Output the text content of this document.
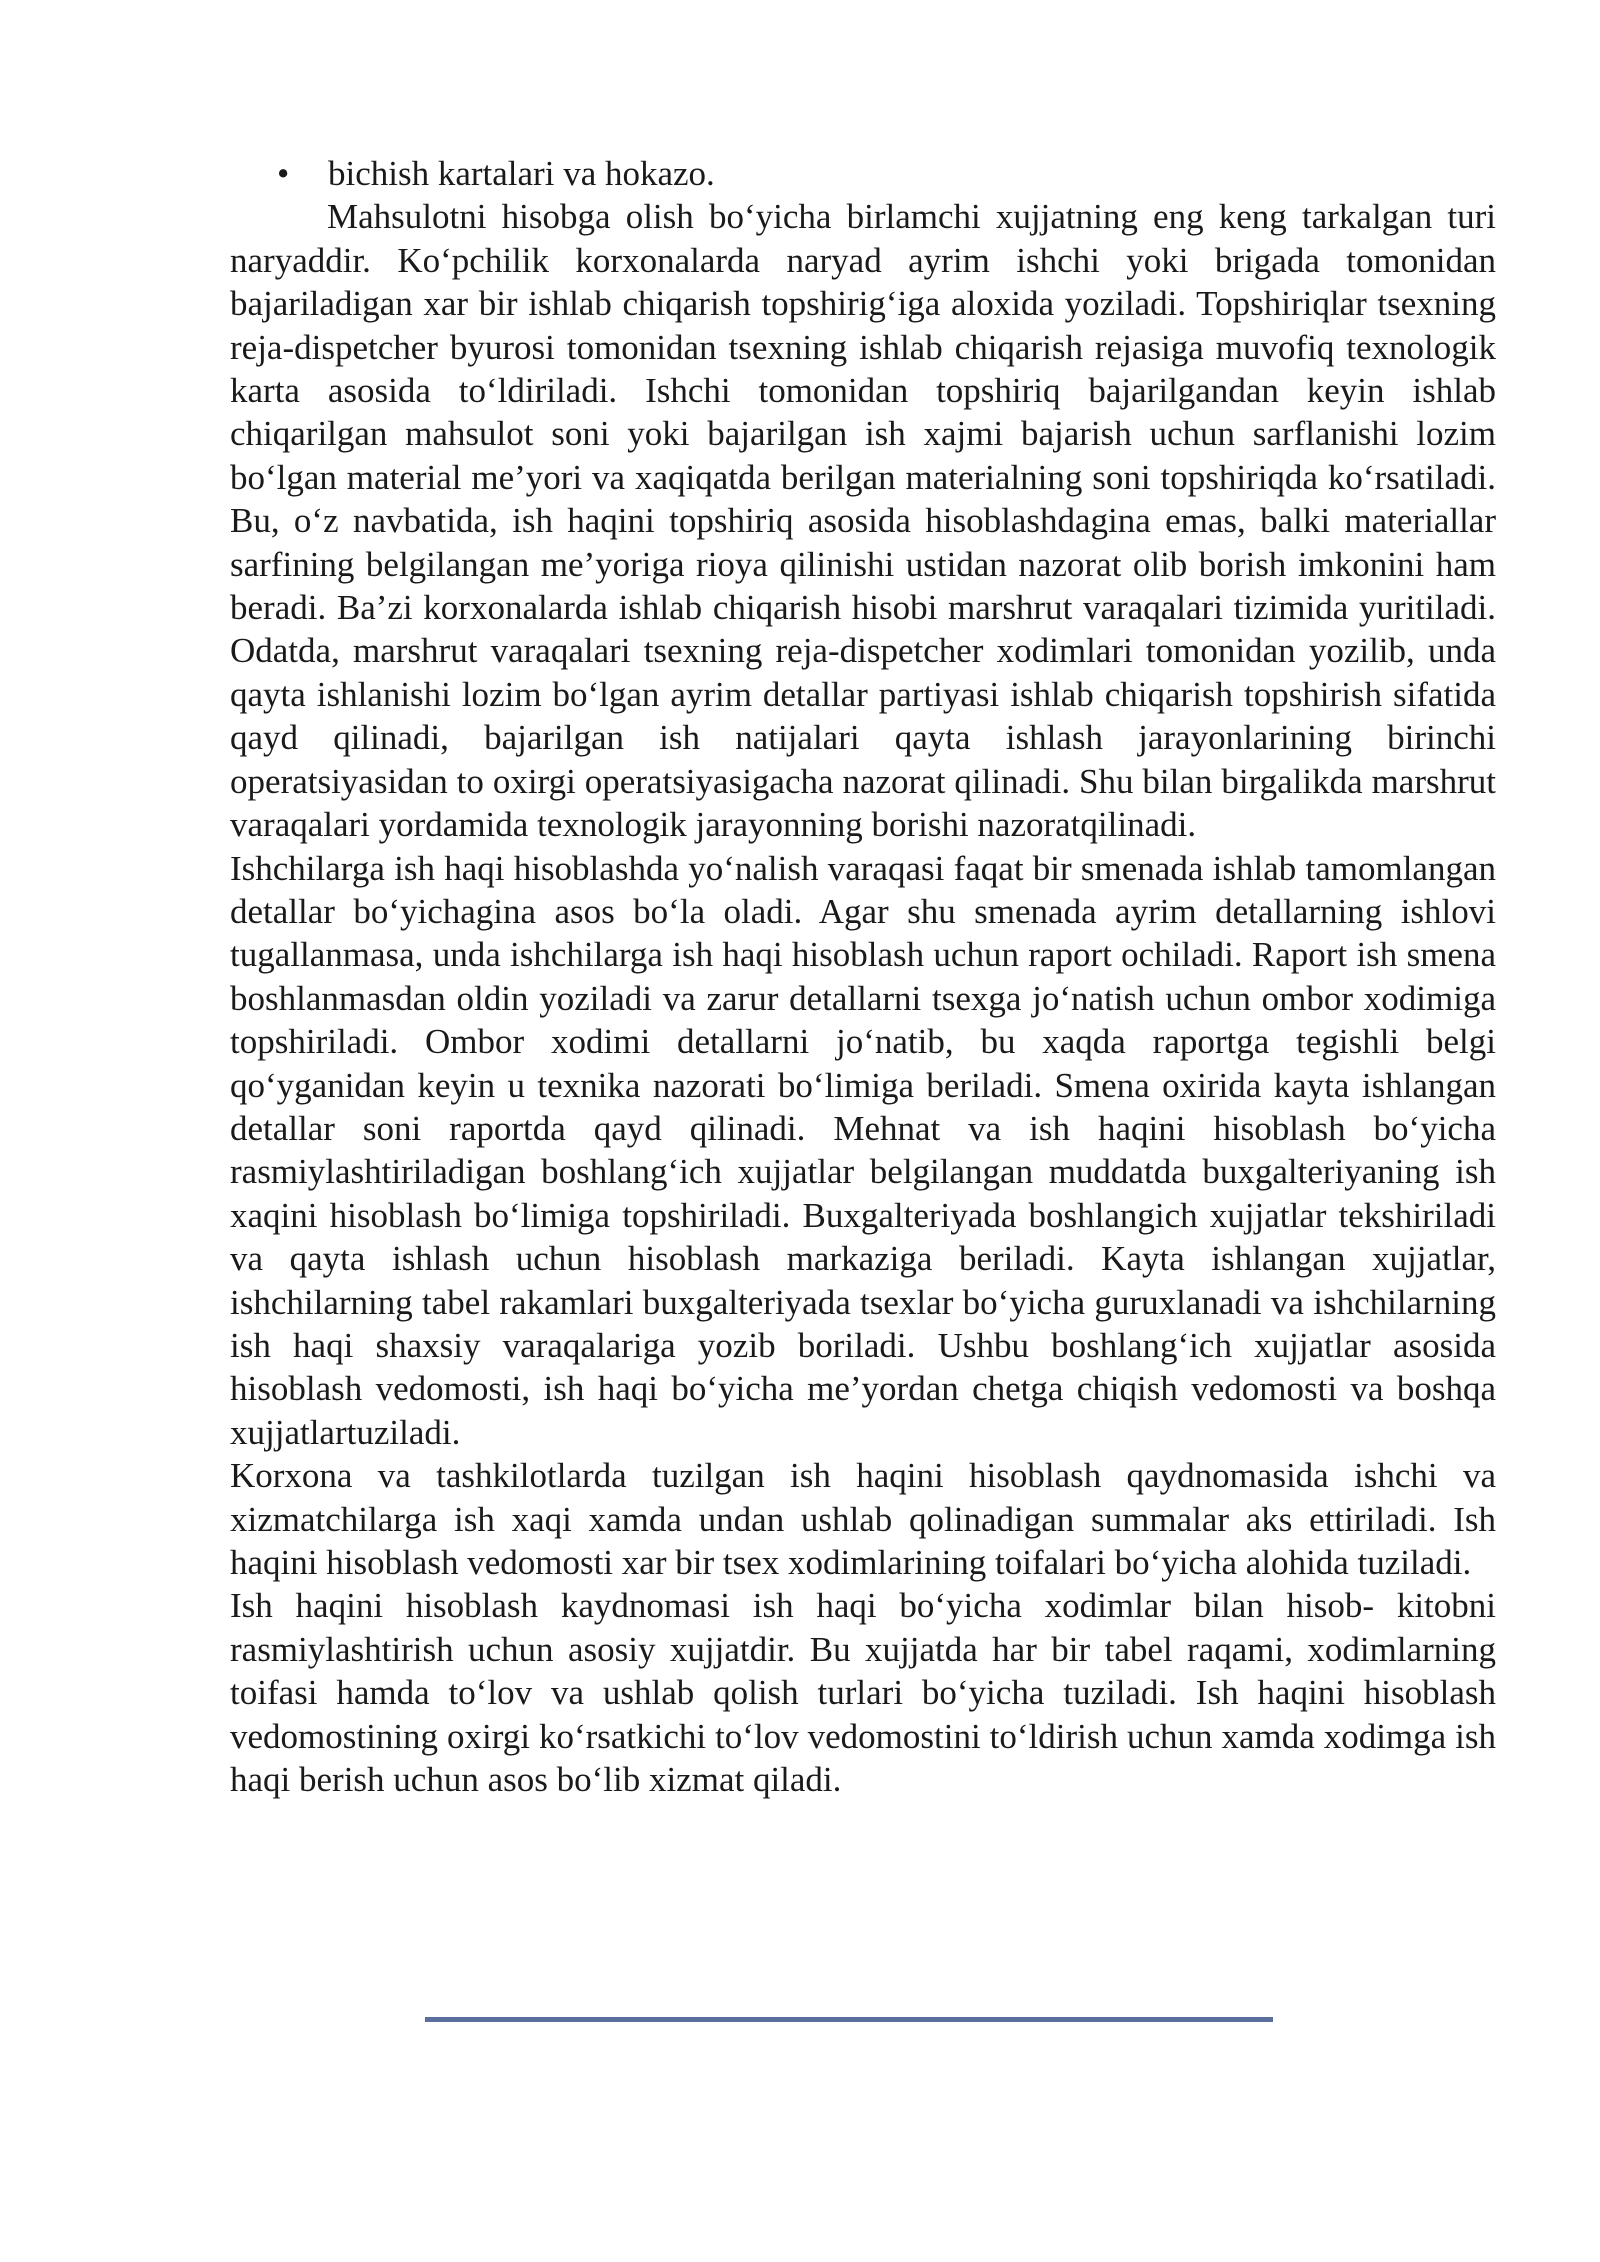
• bichish kartalari va hokazo.

Mahsulotni hisobga olish bo‘yicha birlamchi xujjatning eng keng tarkalgan turi naryaddir. Ko‘pchilik korxonalarda naryad ayrim ishchi yoki brigada tomonidan bajariladigan xar bir ishlab chiqarish topshirig‘iga aloxida yoziladi. Topshiriqlar tsexning reja-dispetcher byurosi tomonidan tsexning ishlab chiqarish rejasiga muvofiq texnologik karta asosida to‘ldiriladi. Ishchi tomonidan topshiriq bajarilgandan keyin ishlab chiqarilgan mahsulot soni yoki bajarilgan ish xajmi bajarish uchun sarflanishi lozim bo‘lgan material me’yori va xaqiqatda berilgan materialning soni topshiriqda ko‘rsatiladi. Bu, o‘z navbatida, ish haqini topshiriq asosida hisoblashdagina emas, balki materiallar sarfining belgilangan me’yoriga rioya qilinishi ustidan nazorat olib borish imkonini ham beradi. Ba’zi korxonalarda ishlab chiqarish hisobi marshrut varaqalari tizimida yuritiladi. Odatda, marshrut varaqalari tsexning reja-dispetcher xodimlari tomonidan yozilib, unda qayta ishlanishi lozim bo‘lgan ayrim detallar partiyasi ishlab chiqarish topshirish sifatida qayd qilinadi, bajarilgan ish natijalari qayta ishlash jarayonlarining birinchi operatsiyasidan to oxirgi operatsiyasigacha nazorat qilinadi. Shu bilan birgalikda marshrut varaqalari yordamida texnologik jarayonning borishi nazoratqilinadi.

Ishchilarga ish haqi hisoblashda yo‘nalish varaqasi faqat bir smenada ishlab tamomlangan detallar bo‘yichagina asos bo‘la oladi. Agar shu smenada ayrim detallarning ishlovi tugallanmasa, unda ishchilarga ish haqi hisoblash uchun raport ochiladi. Raport ish smena boshlanmasdan oldin yoziladi va zarur detallarni tsexga jo‘natish uchun ombor xodimiga topshiriladi. Ombor xodimi detallarni jo‘natib, bu xaqda raportga tegishli belgi qo‘yganidan keyin u texnika nazorati bo‘limiga beriladi. Smena oxirida kayta ishlangan detallar soni raportda qayd qilinadi. Mehnat va ish haqini hisoblash bo‘yicha rasmiylashtiriladigan boshlang‘ich xujjatlar belgilangan muddatda buxgalteriyaning ish xaqini hisoblash bo‘limiga topshiriladi. Buxgalteriyada boshlangich xujjatlar tekshiriladi va qayta ishlash uchun hisoblash markaziga beriladi. Kayta ishlangan xujjatlar, ishchilarning tabel rakamlari buxgalteriyada tsexlar bo‘yicha guruxlanadi va ishchilarning ish haqi shaxsiy varaqalariga yozib boriladi. Ushbu boshlang‘ich xujjatlar asosida hisoblash vedomosti, ish haqi bo‘yicha me’yordan chetga chiqish vedomosti va boshqa xujjatlartuziladi.

Korxona va tashkilotlarda tuzilgan ish haqini hisoblash qaydnomasida ishchi va xizmatchilarga ish xaqi xamda undan ushlab qolinadigan summalar aks ettiriladi. Ish haqini hisoblash vedomosti xar bir tsex xodimlarining toifalari bo‘yicha alohida tuziladi.

Ish haqini hisoblash kaydnomasi ish haqi bo‘yicha xodimlar bilan hisob- kitobni rasmiylashtirish uchun asosiy xujjatdir. Bu xujjatda har bir tabel raqami, xodimlarning toifasi hamda to‘lov va ushlab qolish turlari bo‘yicha tuziladi. Ish haqini hisoblash vedomostining oxirgi ko‘rsatkichi to‘lov vedomostini to‘ldirish uchun xamda xodimga ish haqi berish uchun asos bo‘lib xizmat qiladi.
